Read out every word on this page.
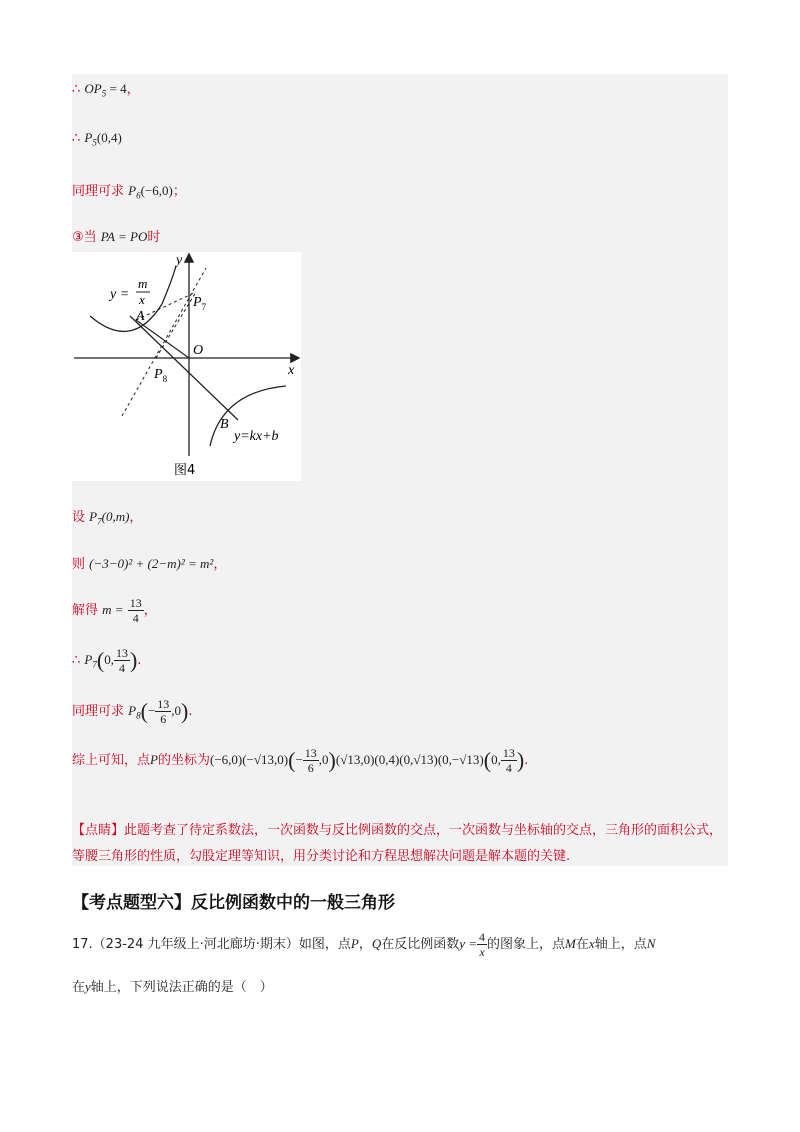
∴ $OP_5 = 4$，
∴ $P_5(0,4)$
同理可求 $P_6(-6,0)$；
③当 PA = PO时
y
x
O
A
B
$P_7$
$P_8$
y =
m
x
y=kx+b
图4
设 $P_7(0,m)$，
则 (−3−0)² + (2−m)² = m²，
解得 $m = \frac{13}{4}$ ，
∴ $P_7(0$, $\frac{13}{4}$ ).
同理可求 $P_8(- \frac{13}{6} ,0)$.
综上可知，点P的坐标为$(-6,0)(-√13,0)(- \frac{13}{6} ,0)(√13,0)(0,4)(0,√13)(0,-√13)(0$, $\frac{13}{4}$ ).
【点睛】此题考查了待定系数法，一次函数与反比例函数的交点，一次函数与坐标轴的交点，三角形的面积公式，等腰三角形的性质，勾股定理等知识，用分类讨论和方程思想解决问题是解本题的关键.
【考点题型六】反比例函数中的一般三角形
17.（23-24 九年级上·河北廊坊·期末）如图，点P，Q在反比例函数$y = \frac{4}{x}$ 的图象上，点M在x轴上，点N
在y轴上，下列说法正确的是（　）
